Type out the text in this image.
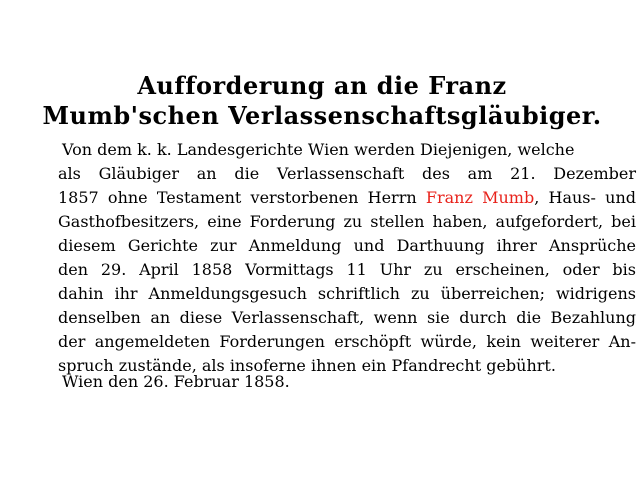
Aufforderung an die Franz
Mumb'schen Verlassenschaftsgläubiger.
Von dem k. k. Landesgerichte Wien werden Diejenigen, welche
als Gläubiger an die Verlassenschaft des am 21. Dezember
1857 ohne Testament verstorbenen Herrn Franz Mumb, Haus- und
Gasthofbesitzers, eine Forderung zu stellen haben, aufgefordert, bei
diesem Gerichte zur Anmeldung und Darthuung ihrer Ansprüche
den 29. April 1858 Vormittags 11 Uhr zu erscheinen, oder bis
dahin ihr Anmeldungsgesuch schriftlich zu überreichen; widrigens
denselben an diese Verlassenschaft, wenn sie durch die Bezahlung
der angemeldeten Forderungen erschöpft würde, kein weiterer An-
spruch zustände, als insoferne ihnen ein Pfandrecht gebührt.
Wien den 26. Februar 1858.
